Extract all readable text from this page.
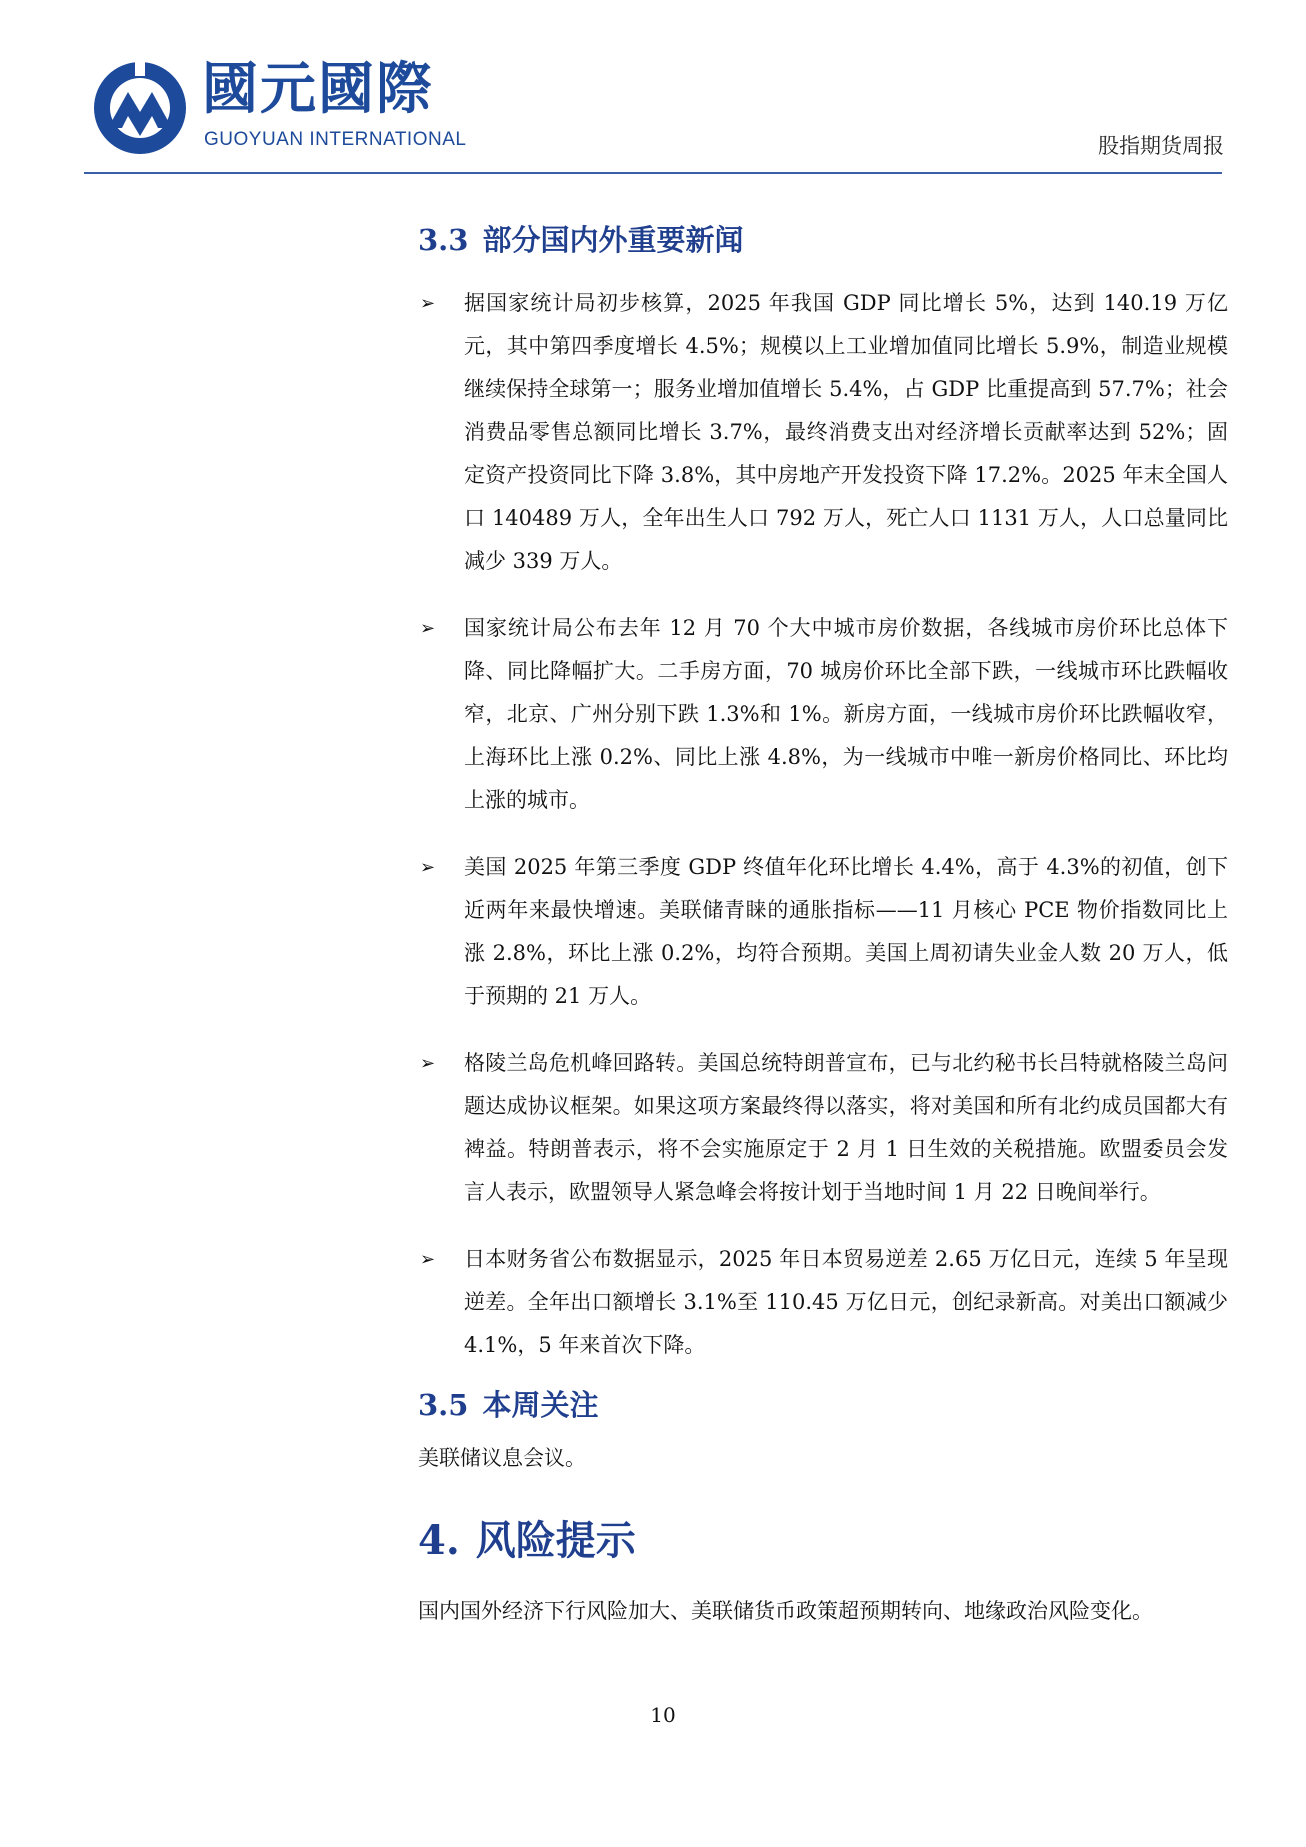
國元國際
GUOYUAN INTERNATIONAL	股指期货周报
3.3 部分国内外重要新闻
➢ 据国家统计局初步核算，2025 年我国 GDP 同比增长 5%，达到 140.19 万亿元，其中第四季度增长 4.5%；规模以上工业增加值同比增长 5.9%，制造业规模继续保持全球第一；服务业增加值增长 5.4%，占 GDP 比重提高到 57.7%；社会消费品零售总额同比增长 3.7%，最终消费支出对经济增长贡献率达到 52%；固定资产投资同比下降 3.8%，其中房地产开发投资下降 17.2%。2025 年末全国人口 140489 万人，全年出生人口 792 万人，死亡人口 1131 万人，人口总量同比减少 339 万人。
➢ 国家统计局公布去年 12 月 70 个大中城市房价数据，各线城市房价环比总体下降、同比降幅扩大。二手房方面，70 城房价环比全部下跌，一线城市环比跌幅收窄，北京、广州分别下跌 1.3%和 1%。新房方面，一线城市房价环比跌幅收窄，上海环比上涨 0.2%、同比上涨 4.8%，为一线城市中唯一新房价格同比、环比均上涨的城市。
➢ 美国 2025 年第三季度 GDP 终值年化环比增长 4.4%，高于 4.3%的初值，创下近两年来最快增速。美联储青睐的通胀指标——11 月核心 PCE 物价指数同比上涨 2.8%，环比上涨 0.2%，均符合预期。美国上周初请失业金人数 20 万人，低于预期的 21 万人。
➢ 格陵兰岛危机峰回路转。美国总统特朗普宣布，已与北约秘书长吕特就格陵兰岛问题达成协议框架。如果这项方案最终得以落实，将对美国和所有北约成员国都大有裨益。特朗普表示，将不会实施原定于 2 月 1 日生效的关税措施。欧盟委员会发言人表示，欧盟领导人紧急峰会将按计划于当地时间 1 月 22 日晚间举行。
➢ 日本财务省公布数据显示，2025 年日本贸易逆差 2.65 万亿日元，连续 5 年呈现逆差。全年出口额增长 3.1%至 110.45 万亿日元，创纪录新高。对美出口额减少 4.1%，5 年来首次下降。
3.5 本周关注

美联储议息会议。

4. 风险提示

国内国外经济下行风险加大、美联储货币政策超预期转向、地缘政治风险变化。

10
